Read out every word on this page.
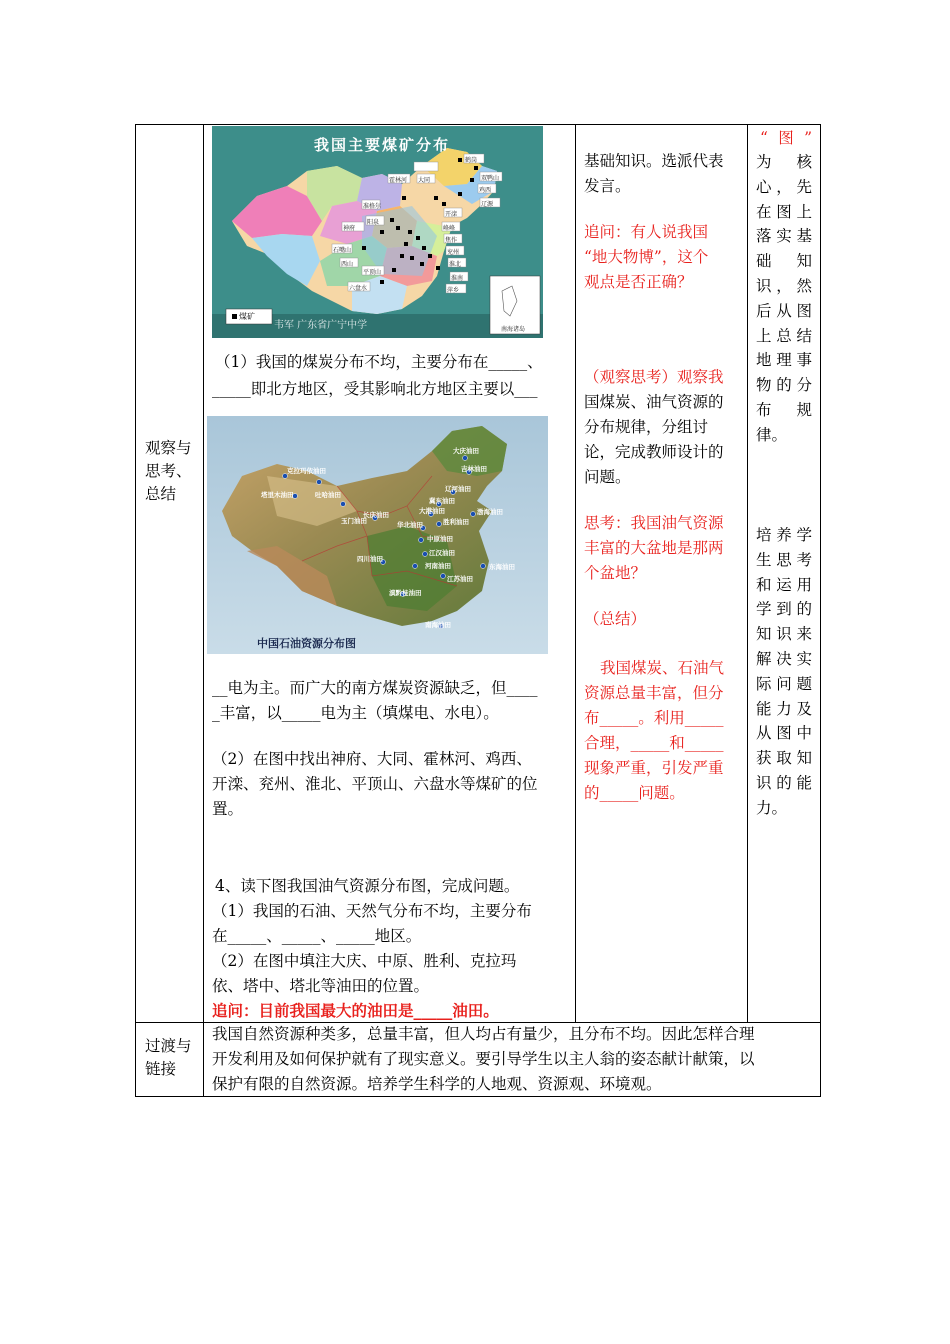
观察与
思考、
总结
我国主要煤矿分布
煤矿
韦军 广东省广宁中学
鹤岗
双鸭山
鸡西
辽源
霍林河
准格尔
大同
神府
开滦
峰峰
焦作
兖州
淮北
淮南
石嘴山
阳泉
西山
平顶山
六盘水	萍乡
南海诸岛
（1）我国的煤炭分布不均，主要分布在_____、
_____即北方地区，受其影响北方地区主要以___
大庆油田
吉林油田
辽河油田
冀东油田
大港油田
胜利油田
华北油田
中原油田
长庆油田
玉门油田
吐哈油田
克拉玛依油田
塔里木油田
江汉油田
河南油田
渤海油田
东海油田
南海油田
四川油田
江苏油田
滇黔桂油田
中国石油资源分布图
__电为主。而广大的南方煤炭资源缺乏，但____
_丰富，以_____电为主（填煤电、水电）。
（2）在图中找出神府、大同、霍林河、鸡西、
开滦、兖州、淮北、平顶山、六盘水等煤矿的位
置。
4、读下图我国油气资源分布图，完成问题。
（1）我国的石油、天然气分布不均，主要分布
在_____、_____、_____地区。
（2）在图中填注大庆、中原、胜利、克拉玛
依、塔中、塔北等油田的位置。
追问：目前我国最大的油田是_____油田。
基础知识。选派代表
发言。
追问：有人说我国
“地大物博”，这个
观点是否正确？
（观察思考）观察我
国煤炭、油气资源的
分布规律，分组讨
论，完成教师设计的
问题。
思考：我国油气资源
丰富的大盆地是那两
个盆地？
（总结）
我国煤炭、石油气
资源总量丰富，但分
布_____。利用_____
合理，_____和_____
现象严重，引发严重
的_____问题。
“图”
为核
心，先
在图上
落实基
础知
识，然
后从图
上总结
地理事
物的分
布规
律。
培养学
生思考
和运用
学到的
知识来
解决实
际问题
能力及
从图中
获取知
识的能
力。
过渡与
链接
我国自然资源种类多，总量丰富，但人均占有量少，且分布不均。因此怎样合理
开发利用及如何保护就有了现实意义。要引导学生以主人翁的姿态献计献策，以
保护有限的自然资源。培养学生科学的人地观、资源观、环境观。
